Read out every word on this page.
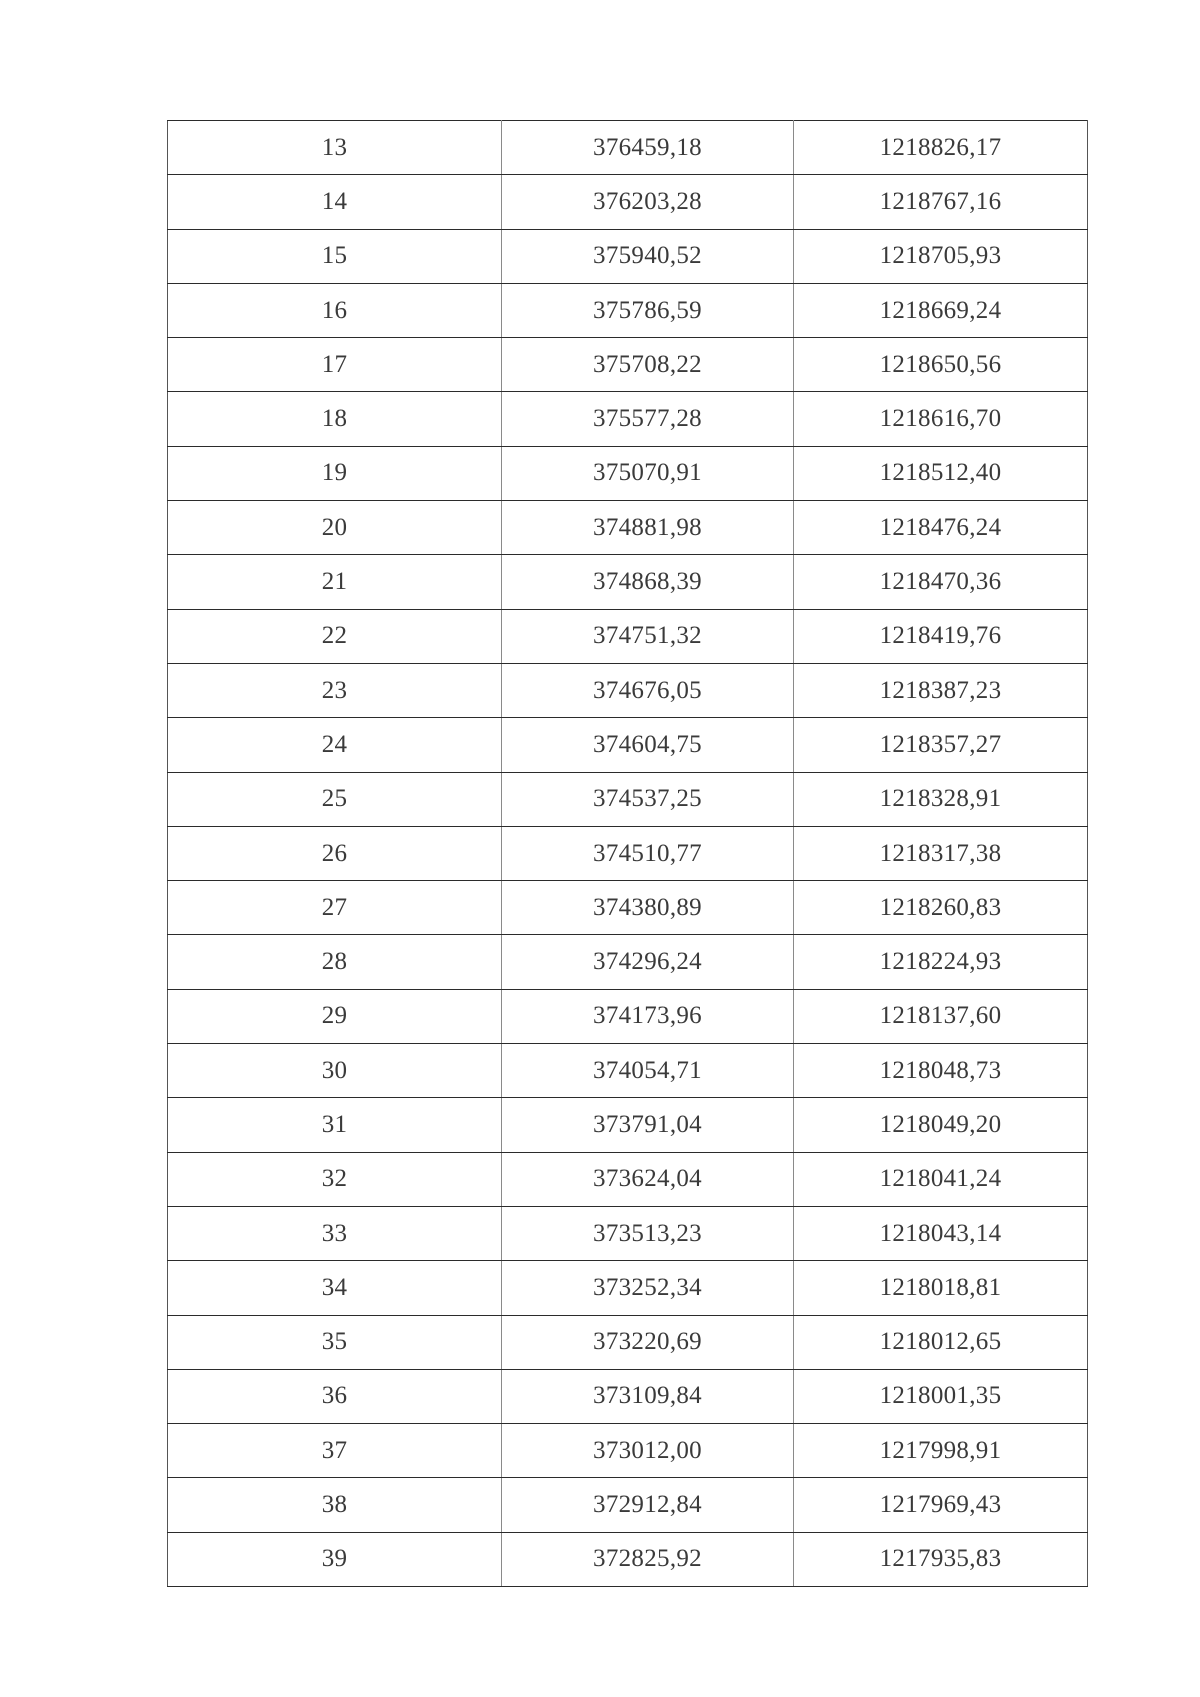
13	376459,18	1218826,17
14	376203,28	1218767,16
15	375940,52	1218705,93
16	375786,59	1218669,24
17	375708,22	1218650,56
18	375577,28	1218616,70
19	375070,91	1218512,40
20	374881,98	1218476,24
21	374868,39	1218470,36
22	374751,32	1218419,76
23	374676,05	1218387,23
24	374604,75	1218357,27
25	374537,25	1218328,91
26	374510,77	1218317,38
27	374380,89	1218260,83
28	374296,24	1218224,93
29	374173,96	1218137,60
30	374054,71	1218048,73
31	373791,04	1218049,20
32	373624,04	1218041,24
33	373513,23	1218043,14
34	373252,34	1218018,81
35	373220,69	1218012,65
36	373109,84	1218001,35
37	373012,00	1217998,91
38	372912,84	1217969,43
39	372825,92	1217935,83
